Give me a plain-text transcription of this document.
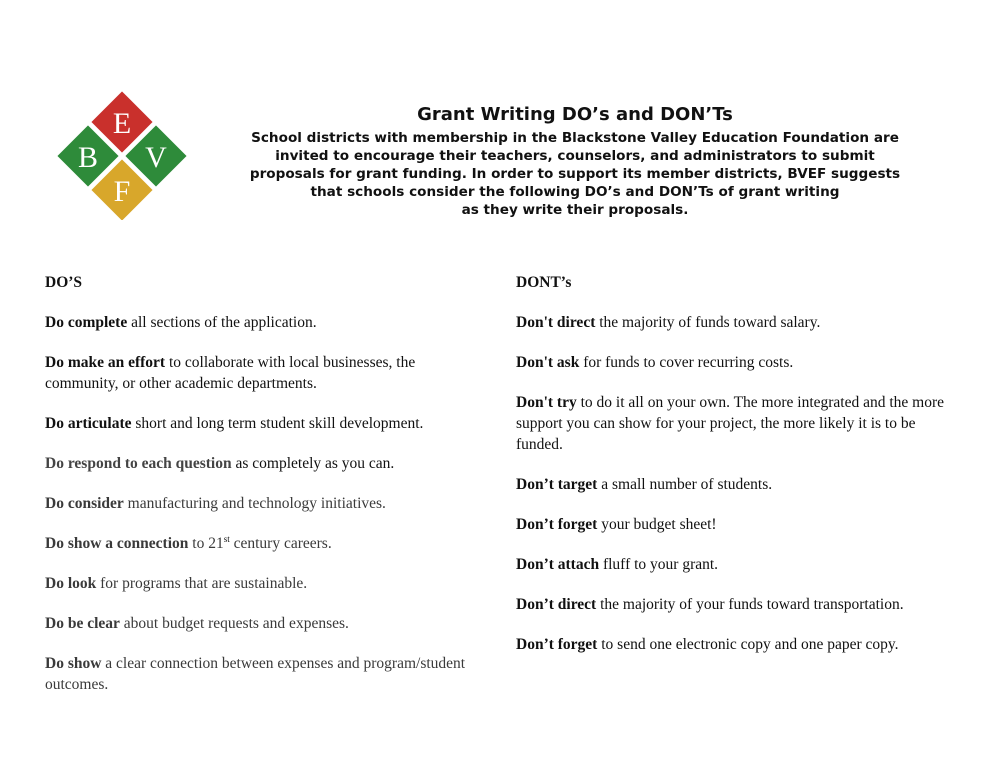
E
B V
F

Grant Writing DO’s and DON’Ts

School districts with membership in the Blackstone Valley Education Foundation are
invited to encourage their teachers, counselors, and administrators to submit
proposals for grant funding. In order to support its member districts, BVEF suggests
that schools consider the following DO’s and DON’Ts of grant writing
as they write their proposals.

DO’S

Do complete all sections of the application.

Do make an effort to collaborate with local businesses, the community, or other academic departments.

Do articulate short and long term student skill development.

Do respond to each question as completely as you can.

Do consider manufacturing and technology initiatives.

Do show a connection to 21st century careers.

Do look for programs that are sustainable.

Do be clear about budget requests and expenses.

Do show a clear connection between expenses and program/student outcomes.

DONT’s

Don't direct the majority of funds toward salary.

Don't ask for funds to cover recurring costs.

Don't try to do it all on your own. The more integrated and the more support you can show for your project, the more likely it is to be funded.

Don’t target a small number of students.

Don’t forget your budget sheet!

Don’t attach fluff to your grant.

Don’t direct the majority of your funds toward transportation.

Don’t forget to send one electronic copy and one paper copy.
